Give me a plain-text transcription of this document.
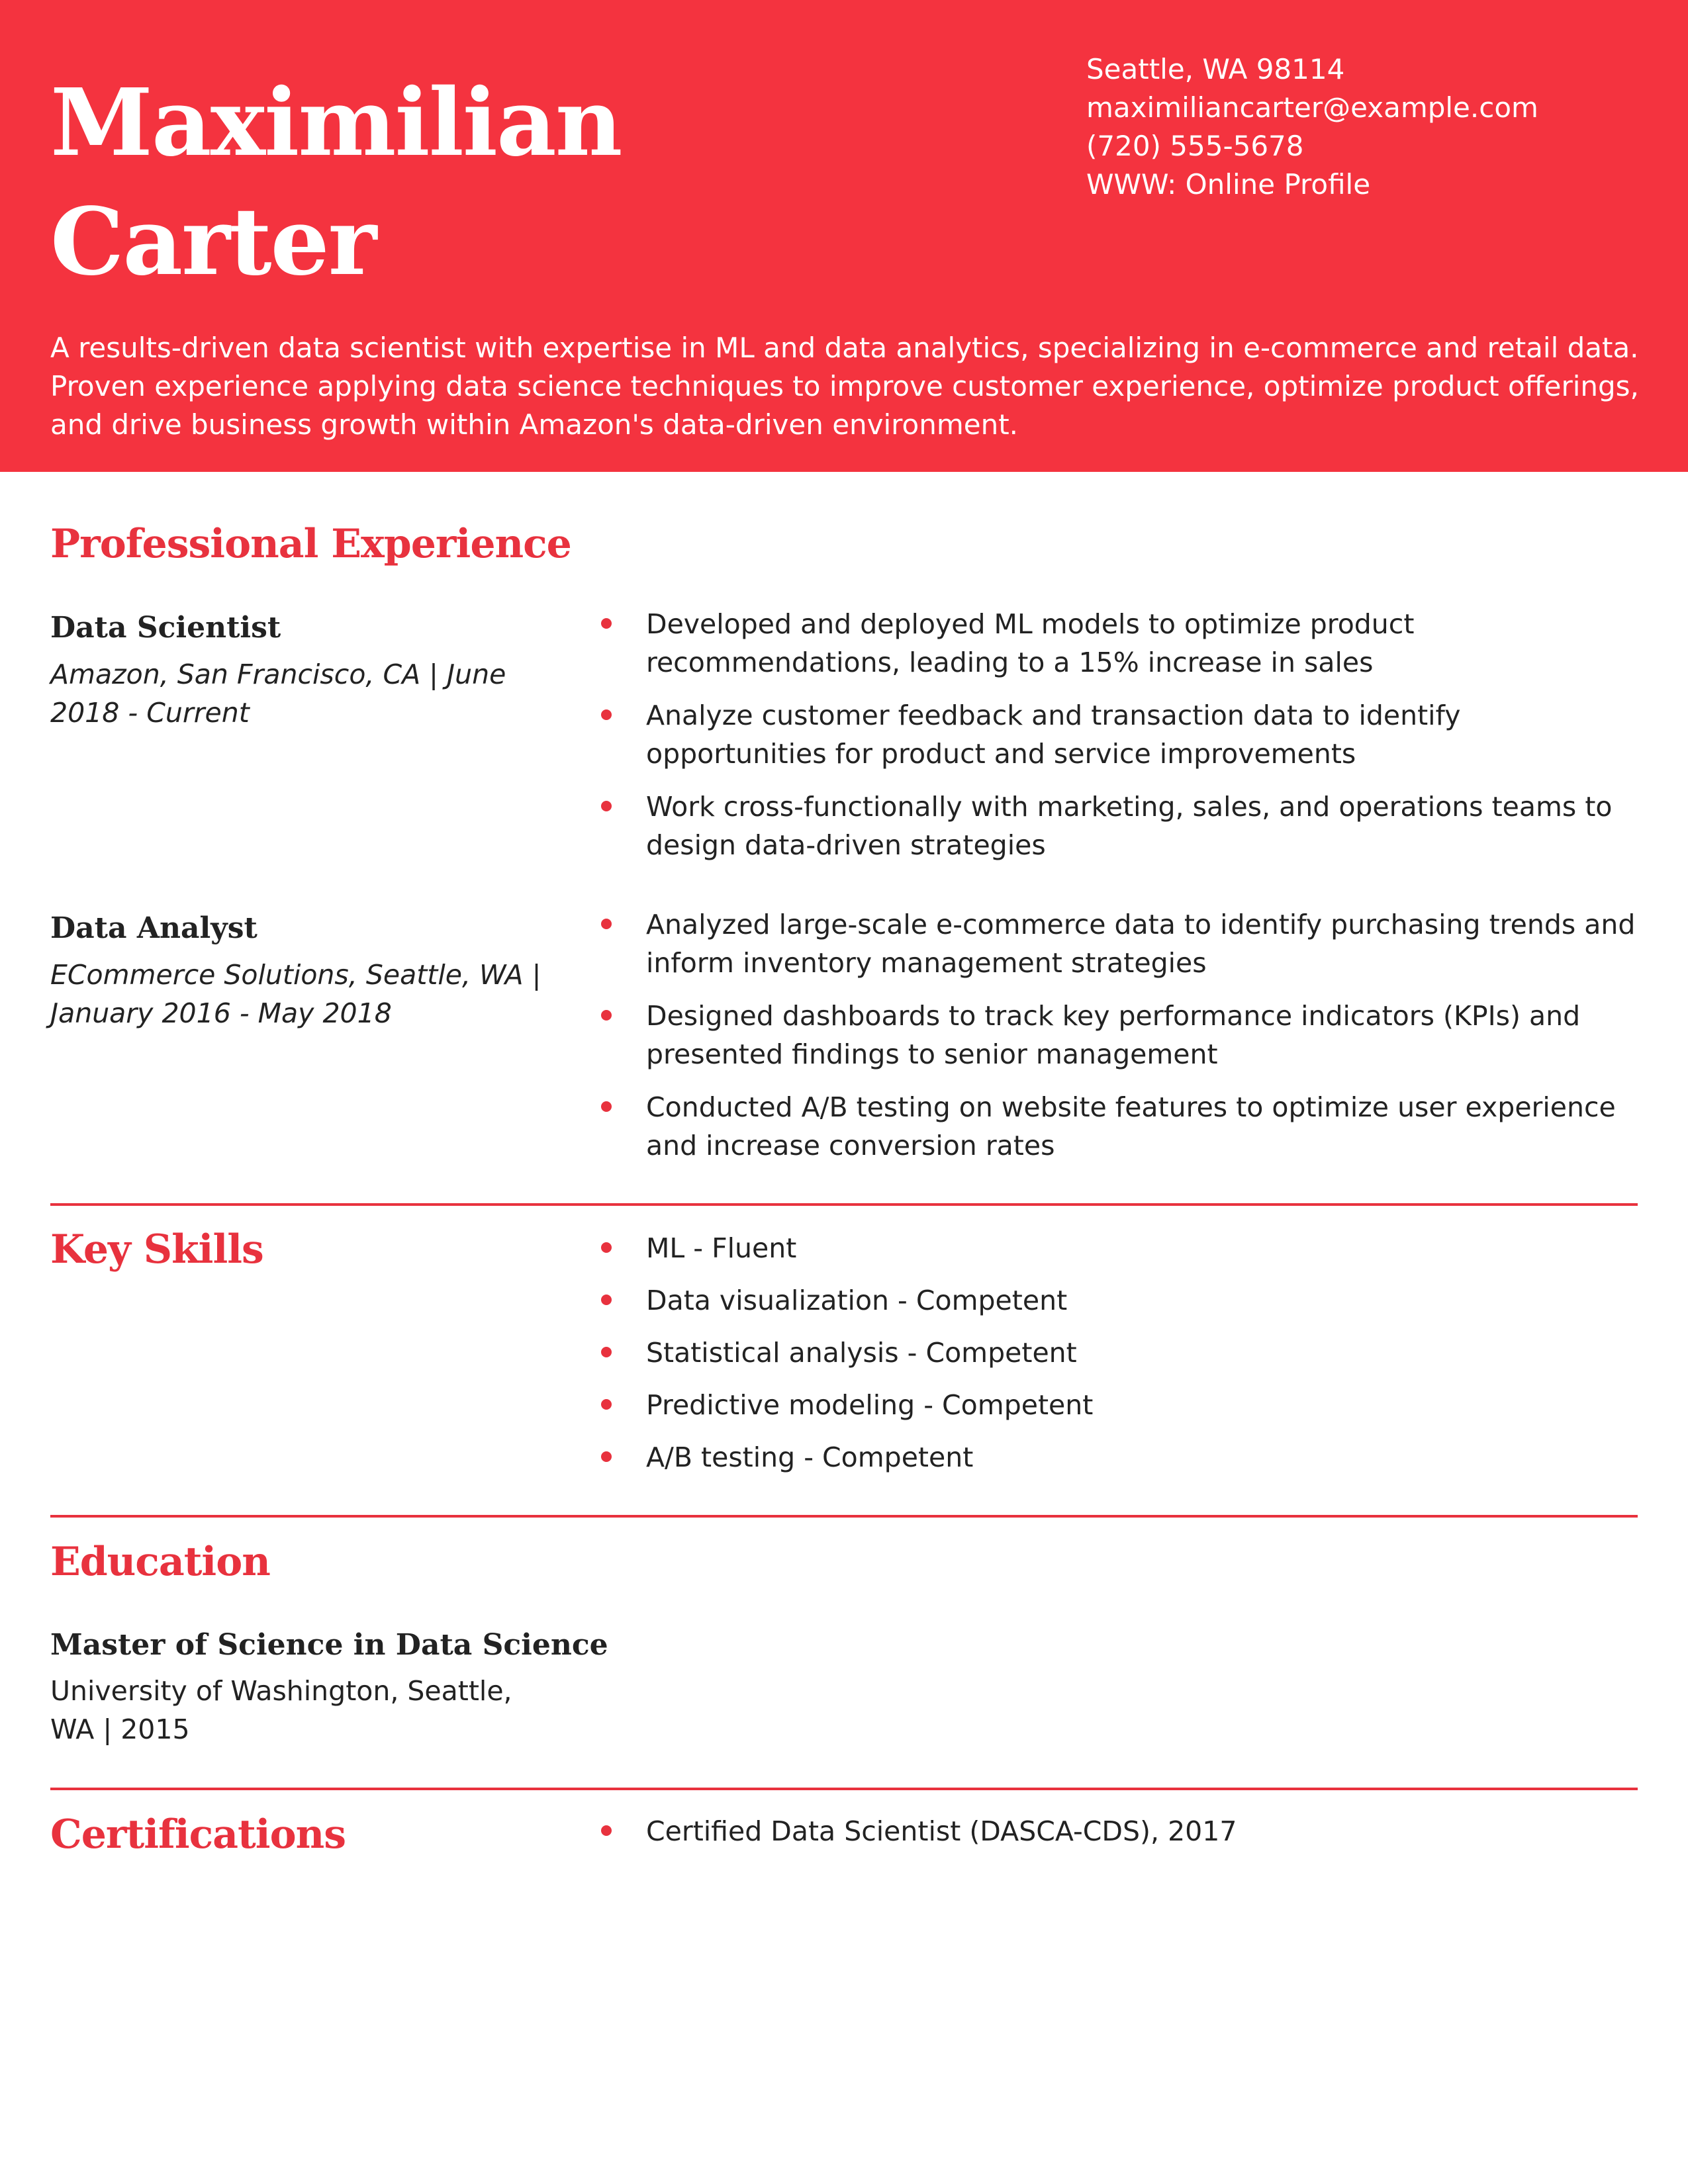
Maximilian
Carter
Seattle, WA 98114
maximiliancarter@example.com
(720) 555-5678
WWW: Online Profile

A results-driven data scientist with expertise in ML and data analytics, specializing in e-commerce and retail data. Proven experience applying data science techniques to improve customer experience, optimize product offerings, and drive business growth within Amazon's data-driven environment.

Professional Experience
Data Scientist
Amazon, San Francisco, CA | June 2018 - Current
Developed and deployed ML models to optimize product recommendations, leading to a 15% increase in sales
Analyze customer feedback and transaction data to identify opportunities for product and service improvements
Work cross-functionally with marketing, sales, and operations teams to design data-driven strategies
Data Analyst
ECommerce Solutions, Seattle, WA | January 2016 - May 2018
Analyzed large-scale e-commerce data to identify purchasing trends and inform inventory management strategies
Designed dashboards to track key performance indicators (KPIs) and presented findings to senior management
Conducted A/B testing on website features to optimize user experience and increase conversion rates
Key Skills	ML - Fluent
Data visualization - Competent
Statistical analysis - Competent
Predictive modeling - Competent
A/B testing - Competent
Education
Master of Science in Data Science
University of Washington, Seattle, WA | 2015
Certifications	Certified Data Scientist (DASCA-CDS), 2017
